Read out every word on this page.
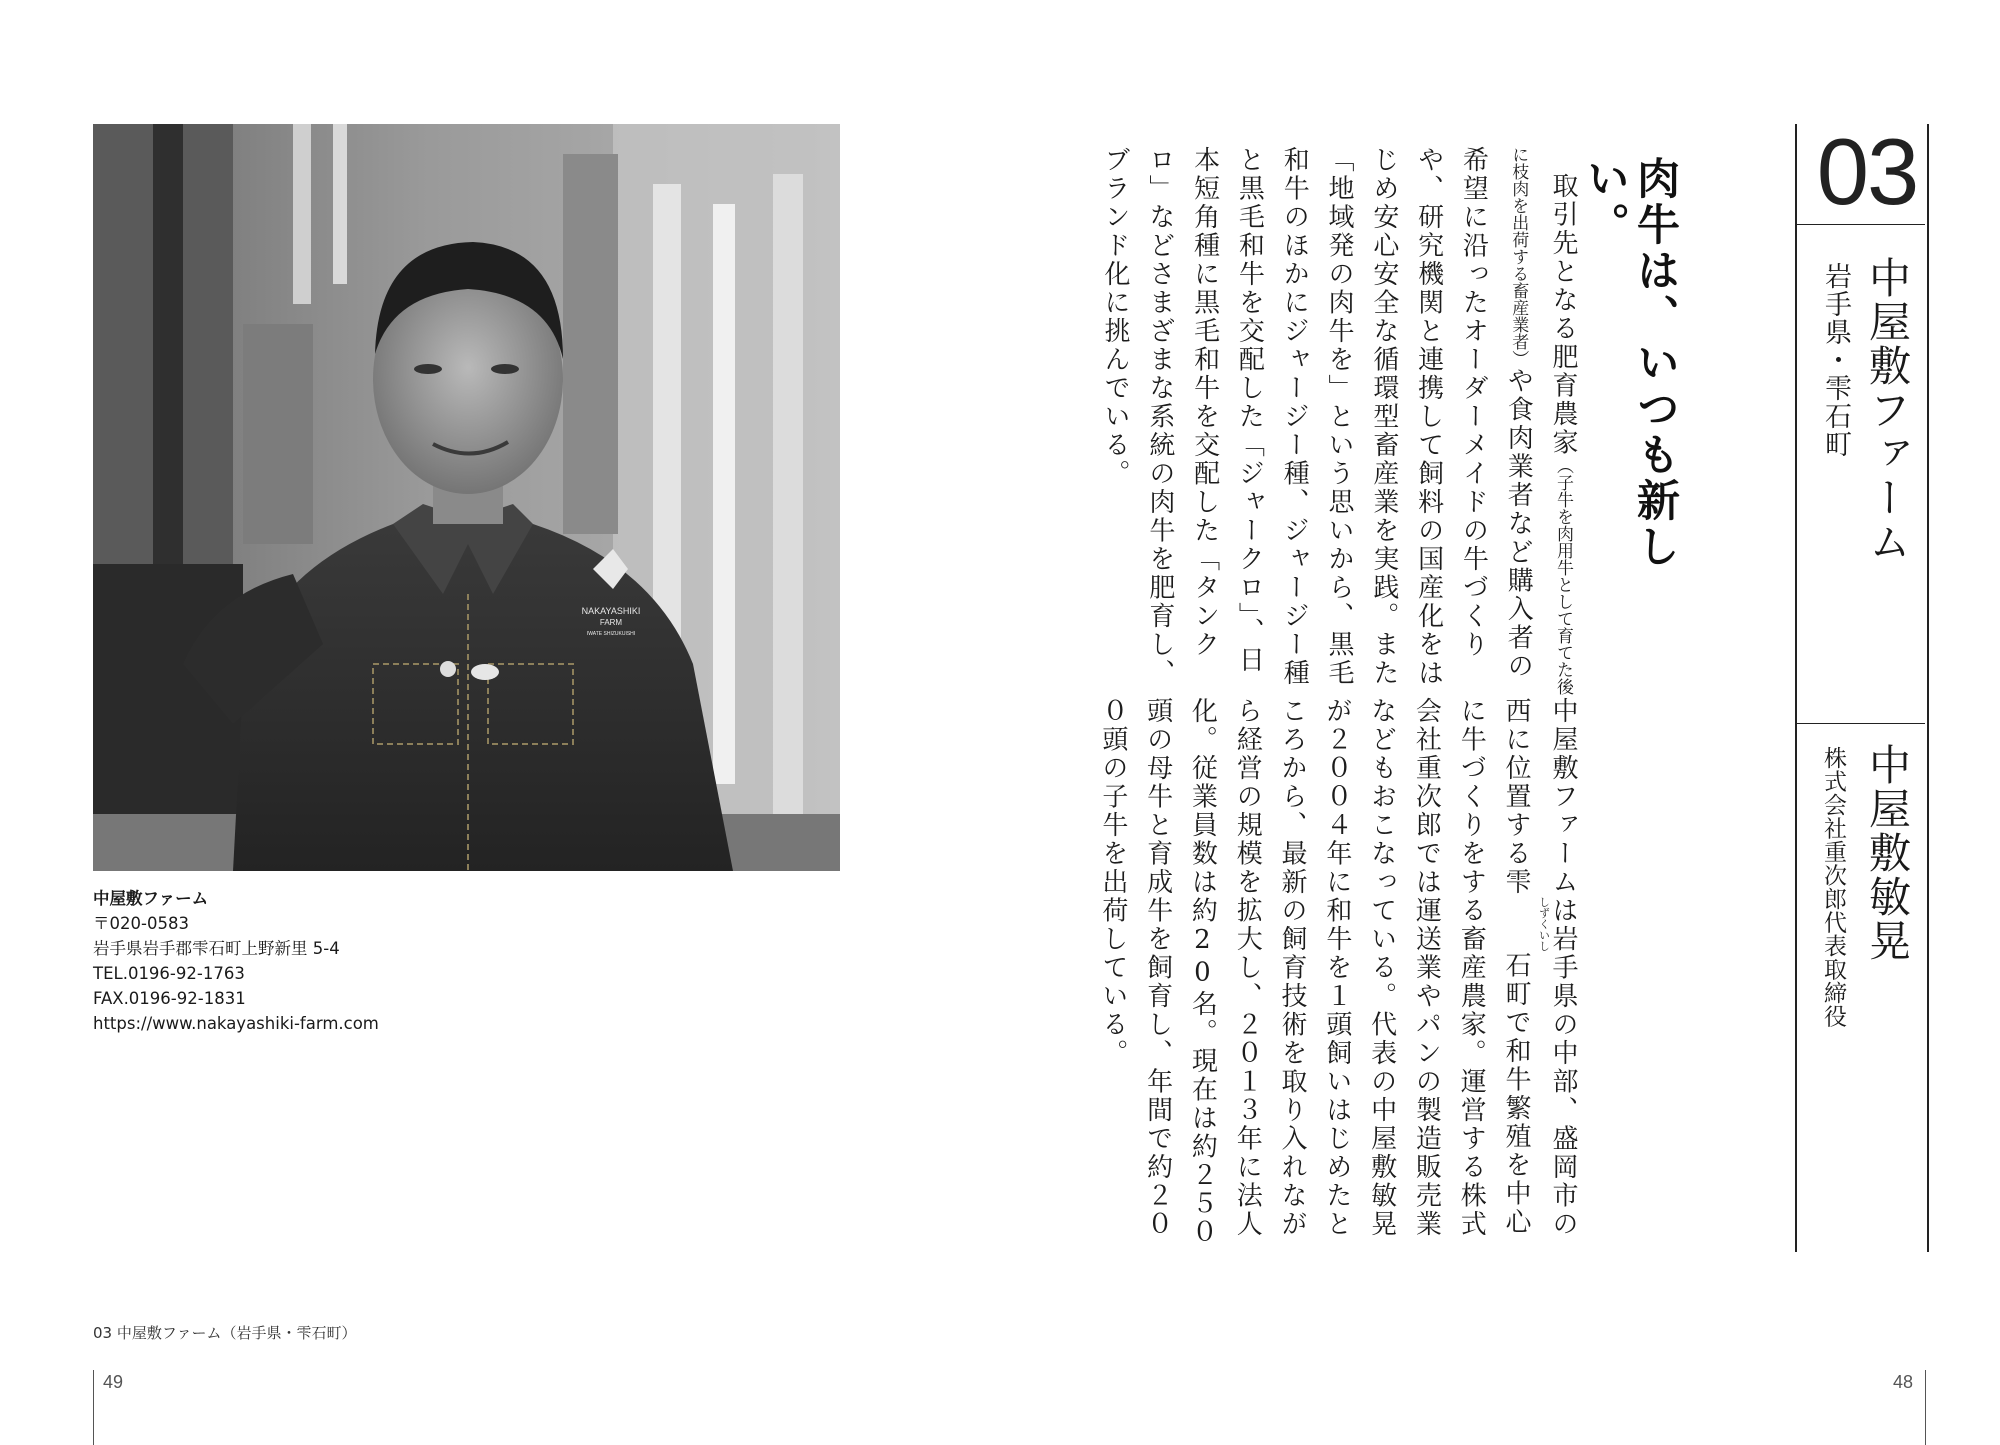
NAKAYASHIKI
FARM
IWATE SHIZUKUISHI
中屋敷ファーム
〒020-0583
岩手県岩手郡雫石町上野新里 5-4
TEL.0196-92-1763
FAX.0196-92-1831
https://www.nakayashiki-farm.com
03 中屋敷ファーム（岩手県・雫石町）
49

中屋敷ファームは岩手県の中部、盛岡市の西に位置する雫しずくいし石町で和牛繁殖を中心に牛づくりをする畜産農家。運営する株式会社重次郎では運送業やパンの製造販売業などもおこなっている。代表の中屋敷敏晃が２００４年に和牛を１頭飼いはじめたところから、最新の飼育技術を取り入れながら経営の規模を拡大し、２０１３年に法人化。従業員数は約20名。現在は約２５０頭の母牛と育成牛を飼育し、年間で約２００頭の子牛を出荷している。

取引先となる肥育農家（子牛を肉用牛として育てた後に枝肉を出荷する畜産業者）や食肉業者など購入者の希望に沿ったオーダーメイドの牛づくりや、研究機関と連携して飼料の国産化をはじめ安心安全な循環型畜産業を実践。また「地域発の肉牛を」という思いから、黒毛和牛のほかにジャージー種、ジャージー種と黒毛和牛を交配した「ジャークロ」、日本短角種に黒毛和牛を交配した「タンクロ」などさまざまな系統の肉牛を肥育し、ブランド化に挑んでいる。	肉牛は、いつも新しい。	03
中屋敷ファーム
岩手県・雫石町
中屋敷敏晃
株式会社重次郎代表取締役
48
